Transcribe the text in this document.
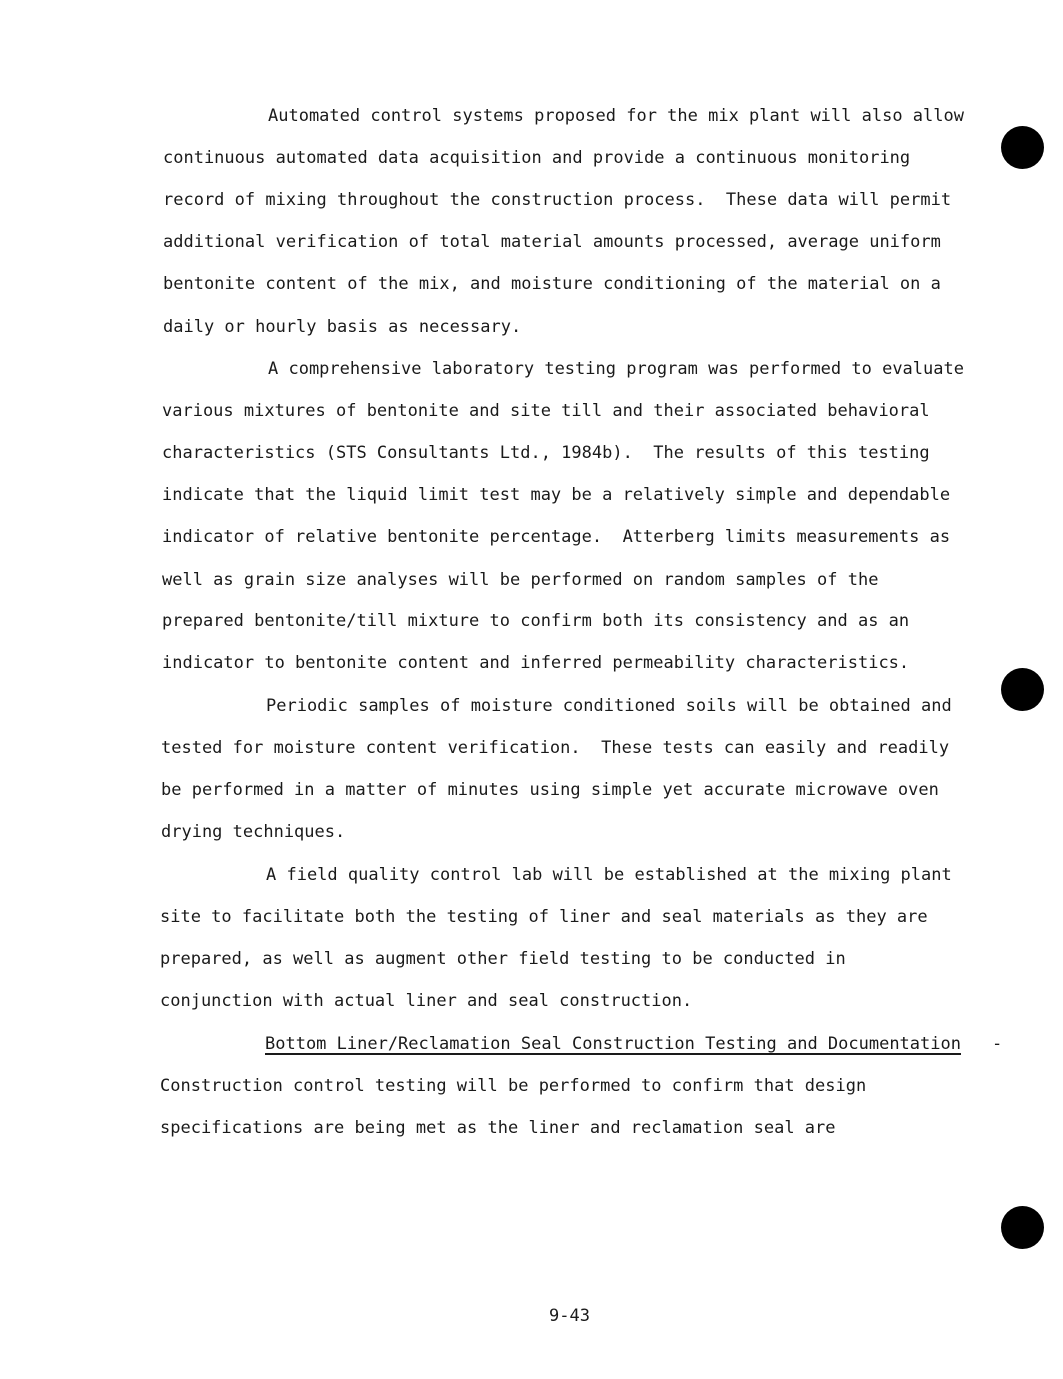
Automated control systems proposed for the mix plant will also allow
continuous automated data acquisition and provide a continuous monitoring
record of mixing throughout the construction process.  These data will permit
additional verification of total material amounts processed, average uniform
bentonite content of the mix, and moisture conditioning of the material on a
daily or hourly basis as necessary.
A comprehensive laboratory testing program was performed to evaluate
various mixtures of bentonite and site till and their associated behavioral
characteristics (STS Consultants Ltd., 1984b).  The results of this testing
indicate that the liquid limit test may be a relatively simple and dependable
indicator of relative bentonite percentage.  Atterberg limits measurements as
well as grain size analyses will be performed on random samples of the
prepared bentonite/till mixture to confirm both its consistency and as an
indicator to bentonite content and inferred permeability characteristics.
Periodic samples of moisture conditioned soils will be obtained and
tested for moisture content verification.  These tests can easily and readily
be performed in a matter of minutes using simple yet accurate microwave oven
drying techniques.
A field quality control lab will be established at the mixing plant
site to facilitate both the testing of liner and seal materials as they are
prepared, as well as augment other field testing to be conducted in
conjunction with actual liner and seal construction.
Bottom Liner/Reclamation Seal Construction Testing and Documentation -
Construction control testing will be performed to confirm that design
specifications are being met as the liner and reclamation seal are
9-43
